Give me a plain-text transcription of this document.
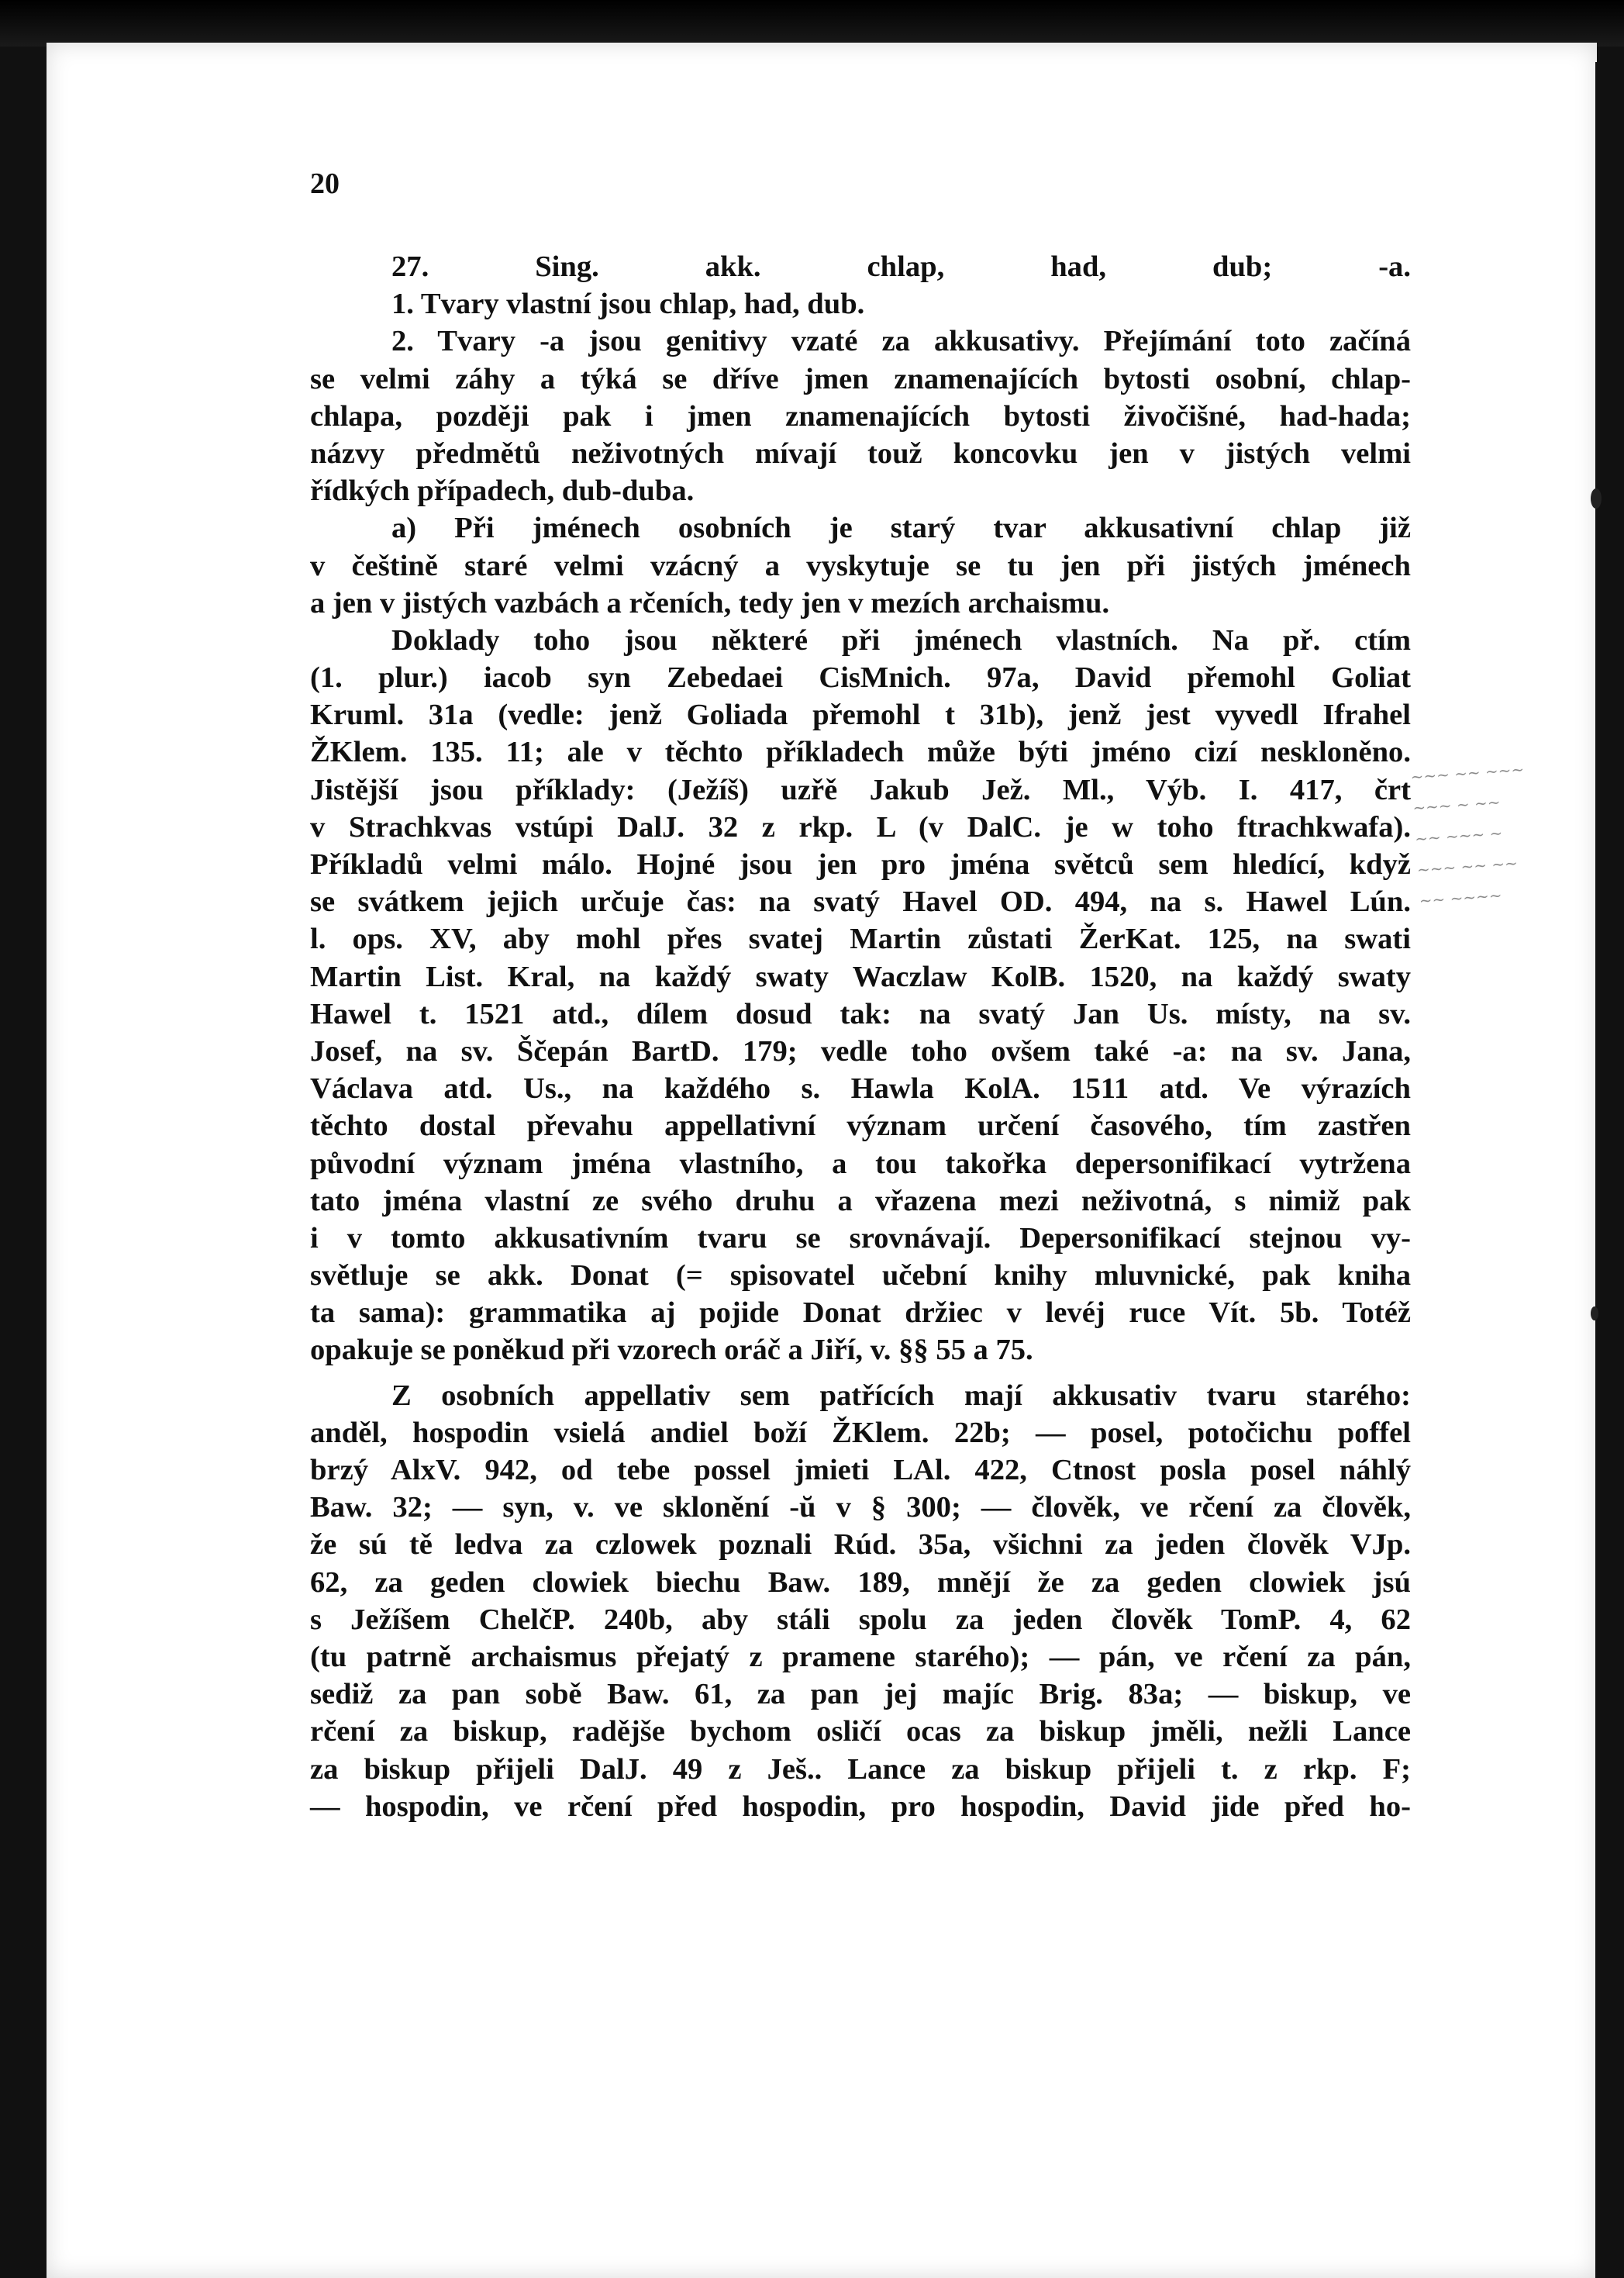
20
27. Sing. akk. chlap, had, dub; -a.
1. Tvary vlastní jsou chlap, had, dub.
2. Tvary -a jsou genitivy vzaté za akkusativy. Přejímání toto začíná
se velmi záhy a týká se dříve jmen znamenajících bytosti osobní, chlap-
chlapa, později pak i jmen znamenajících bytosti živočišné, had-hada;
názvy předmětů neživotných mívají touž koncovku jen v jistých velmi
řídkých případech, dub-duba.
a) Při jménech osobních je starý tvar akkusativní chlap již
v češtině staré velmi vzácný a vyskytuje se tu jen při jistých jménech
a jen v jistých vazbách a rčeních, tedy jen v mezích archaismu.
Doklady toho jsou některé při jménech vlastních. Na př. ctím
(1. plur.) iacob syn Zebedaei CisMnich. 97a, David přemohl Goliat
Kruml. 31a (vedle: jenž Goliada přemohl t 31b), jenž jest vyvedl Ifrahel
ŽKlem. 135. 11; ale v těchto příkladech může býti jméno cizí neskloněno.
Jistější jsou příklady: (Ježíš) uzřě Jakub Jež. Ml., Výb. I. 417, črt
v Strachkvas vstúpi DalJ. 32 z rkp. L (v DalC. je w toho ftrachkwafa).
Příkladů velmi málo. Hojné jsou jen pro jména světců sem hledící, když
se svátkem jejich určuje čas: na svatý Havel OD. 494, na s. Hawel Lún.
l. ops. XV, aby mohl přes svatej Martin zůstati ŽerKat. 125, na swati
Martin List. Kral, na každý swaty Waczlaw KolB. 1520, na každý swaty
Hawel t. 1521 atd., dílem dosud tak: na svatý Jan Us. místy, na sv.
Josef, na sv. Ščepán BartD. 179; vedle toho ovšem také -a: na sv. Jana,
Václava atd. Us., na každého s. Hawla KolA. 1511 atd. Ve výrazích
těchto dostal převahu appellativní význam určení časového, tím zastřen
původní význam jména vlastního, a tou takořka depersonifikací vytržena
tato jména vlastní ze svého druhu a vřazena mezi neživotná, s nimiž pak
i v tomto akkusativním tvaru se srovnávají. Depersonifikací stejnou vy-
světluje se akk. Donat (= spisovatel učební knihy mluvnické, pak kniha
ta sama): grammatika aj pojide Donat držiec v levéj ruce Vít. 5b. Totéž
opakuje se poněkud při vzorech oráč a Jiří, v. §§ 55 a 75.
Z osobních appellativ sem patřících mají akkusativ tvaru starého:
anděl, hospodin vsielá andiel boží ŽKlem. 22b; — posel, potočichu poffel
brzý AlxV. 942, od tebe possel jmieti LAl. 422, Ctnost posla posel náhlý
Baw. 32; — syn, v. ve sklonění -ŭ v § 300; — člověk, ve rčení za člověk,
že sú tě ledva za czlowek poznali Rúd. 35a, všichni za jeden člověk VJp.
62, za geden clowiek biechu Baw. 189, mnějí že za geden clowiek jsú
s Ježíšem ChelčP. 240b, aby stáli spolu za jeden člověk TomP. 4, 62
(tu patrně archaismus přejatý z pramene starého); — pán, ve rčení za pán,
sediž za pan sobě Baw. 61, za pan jej majíc Brig. 83a; — biskup, ve
rčení za biskup, radějše bychom osličí ocas za biskup jměli, nežli Lance
za biskup přijeli DalJ. 49 z Ješ.. Lance za biskup přijeli t. z rkp. F;
— hospodin, ve rčení před hospodin, pro hospodin, David jide před ho-
~~~ ~~ ~~~
~~~ ~ ~~
~~ ~~~ ~
~~~ ~~ ~~
~~ ~~~~
